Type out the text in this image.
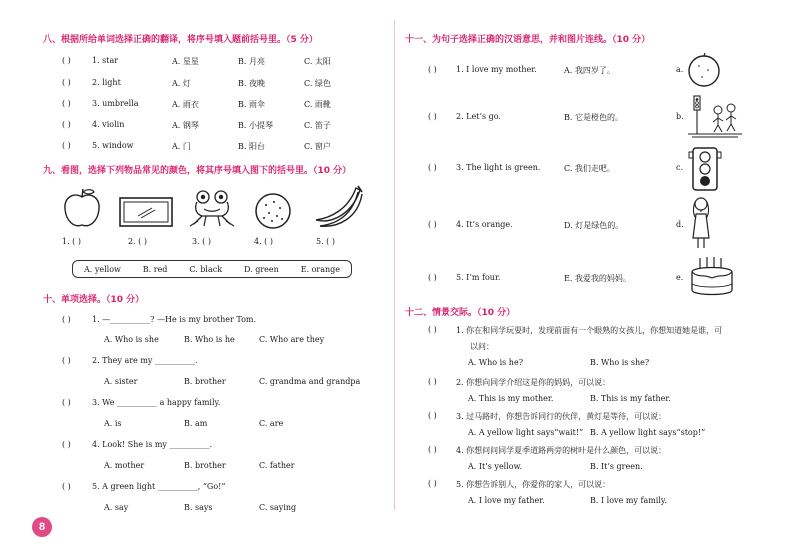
八、根据所给单词选择正确的翻译，将序号填入题前括号里。（5 分）
( )	1. star	A. 星星	B. 月亮	C. 太阳
( )	2. light	A. 灯	B. 夜晚	C. 绿色
( )	3. umbrella	A. 雨衣	B. 雨伞	C. 雨靴
( )	4. violin	A. 钢琴	B. 小提琴	C. 笛子
( )	5. window	A. 门	B. 阳台	C. 窗户
九、看图，选择下列物品常见的颜色，将其序号填入图下的括号里。（10 分）
1. ( )	2. ( )	3. ( )	4. ( )	5. ( )
A. yellow	B. red	C. black	D. green	E. orange
十、单项选择。（10 分）
( )	1. —__________? —He is my brother Tom.
A. Who is she	B. Who is he	C. Who are they
( )	2. They are my __________.
A. sister	B. brother	C. grandma and grandpa
( )	3. We __________ a happy family.
A. is	B. am	C. are
( )	4. Look! She is my __________.
A. mother	B. brother	C. father
( )	5. A green light __________, “Go!”
A. say	B. says	C. saying
8
十一、为句子选择正确的汉语意思，并和图片连线。（10 分）
( ) 1. I love my mother.	A. 我四岁了。	a.
( ) 2. Let’s go.	B. 它是橙色的。	b.
( ) 3. The light is green.	C. 我们走吧。	c.
( ) 4. It’s orange.	D. 灯是绿色的。	d.
( ) 5. I’m four.	E. 我爱我的妈妈。	e.
十二、情景交际。（10 分）
( ) 1. 你在和同学玩耍时，发现前面有一个眼熟的女孩儿，你想知道她是谁，可
以问：
A. Who is he?	B. Who is she?
( ) 2. 你想向同学介绍这是你的妈妈，可以说：
A. This is my mother.	B. This is my father.
( ) 3. 过马路时，你想告诉同行的伙伴，黄灯是等待，可以说：
A. A yellow light says“wait!” B. A yellow light says“stop!”
( ) 4. 你想问问同学夏季道路两旁的树叶是什么颜色，可以说：
A. It’s yellow.	B. It’s green.
( ) 5. 你想告诉别人，你爱你的家人，可以说：
A. I love my father.	B. I love my family.
